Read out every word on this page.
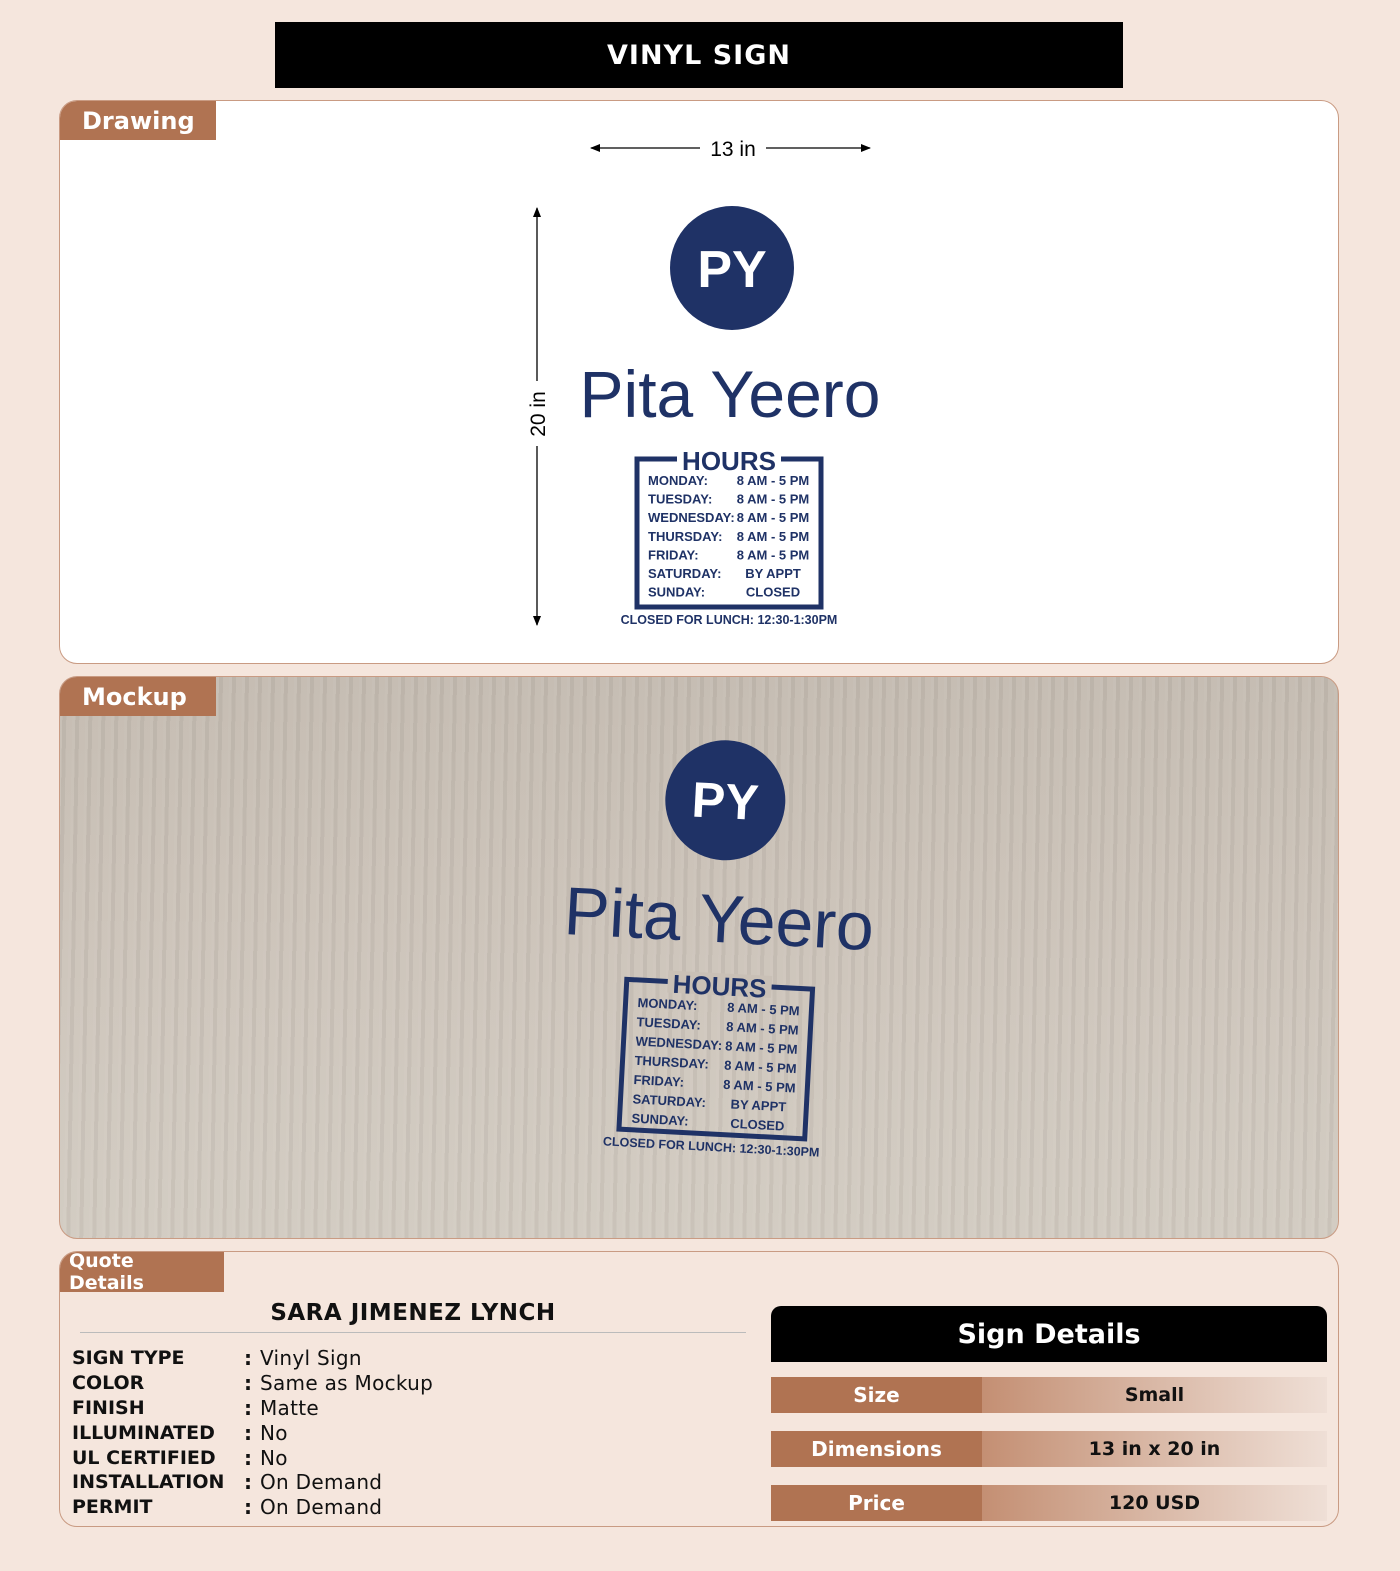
VINYL SIGN
Drawing
13 in
20 in
PY
Pita Yeero
HOURS
MONDAY: 8 AM - 5 PM
TUESDAY: 8 AM - 5 PM
WEDNESDAY: 8 AM - 5 PM
THURSDAY: 8 AM - 5 PM
FRIDAY:	8 AM - 5 PM
SATURDAY: BY APPT
SUNDAY:	CLOSED
CLOSED FOR LUNCH: 12:30-1:30PM
Mockup
PY
Pita Yeero
HOURS
MONDAY: 8 AM - 5 PM
TUESDAY: 8 AM - 5 PM
WEDNESDAY: 8 AM - 5 PM
THURSDAY: 8 AM - 5 PM
FRIDAY:	8 AM - 5 PM
SATURDAY: BY APPT
SUNDAY:	CLOSED
CLOSED FOR LUNCH: 12:30-1:30PM
Quote Details
SARA JIMENEZ LYNCH
SIGN TYPE	: Vinyl Sign
COLOR	: Same as Mockup
FINISH	: Matte
ILLUMINATED	: No
UL CERTIFIED	: No
INSTALLATION : On Demand
PERMIT	: On Demand
Sign Details
Size	Small
Dimensions	13 in x 20 in
Price	120 USD
